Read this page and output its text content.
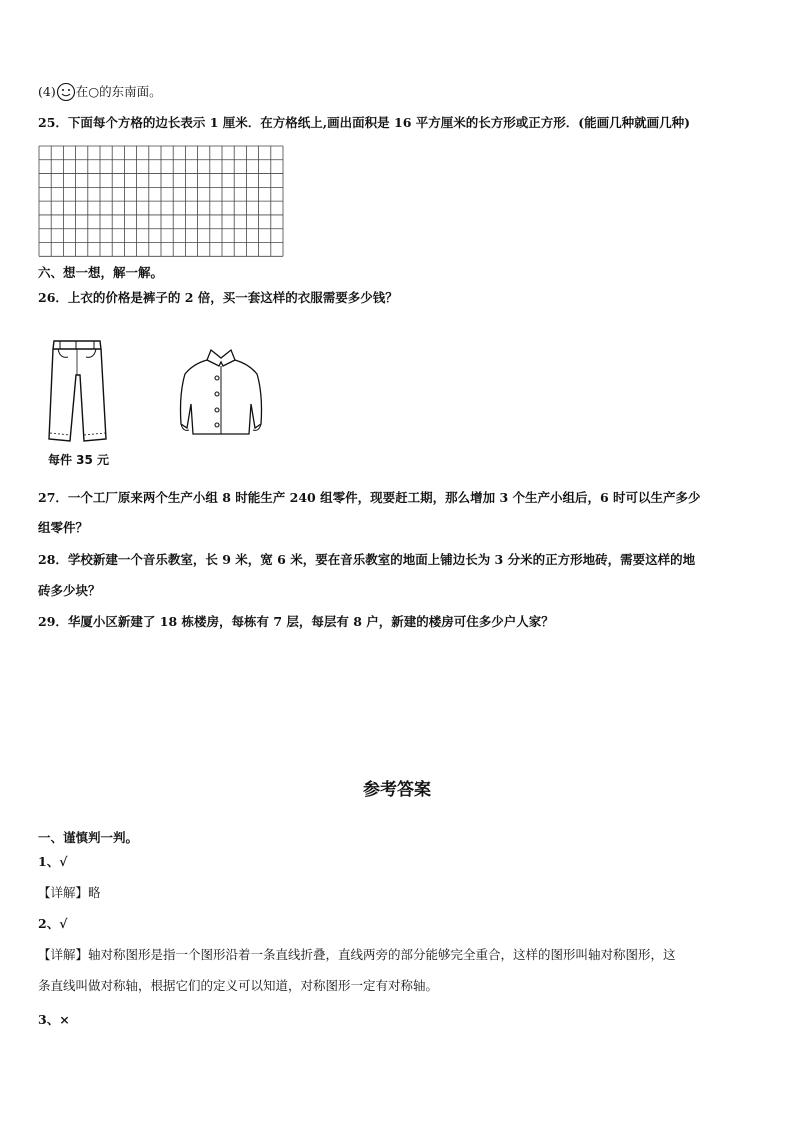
(4) 在○的东南面。
25．下面每个方格的边长表示 1 厘米．在方格纸上,画出面积是 16 平方厘米的长方形或正方形．(能画几种就画几种)
六、想一想，解一解。
26．上衣的价格是裤子的 2 倍，买一套这样的衣服需要多少钱？
每件 35 元
27．一个工厂原来两个生产小组 8 时能生产 240 组零件，现要赶工期，那么增加 3 个生产小组后，6 时可以生产多少
组零件？
28．学校新建一个音乐教室，长 9 米，宽 6 米，要在音乐教室的地面上铺边长为 3 分米的正方形地砖，需要这样的地
砖多少块？
29．华厦小区新建了 18 栋楼房，每栋有 7 层，每层有 8 户，新建的楼房可住多少户人家？
参考答案
一、谨慎判一判。
1、√
【详解】略
2、√
【详解】轴对称图形是指一个图形沿着一条直线折叠，直线两旁的部分能够完全重合，这样的图形叫轴对称图形，这
条直线叫做对称轴，根据它们的定义可以知道，对称图形一定有对称轴。
3、×
